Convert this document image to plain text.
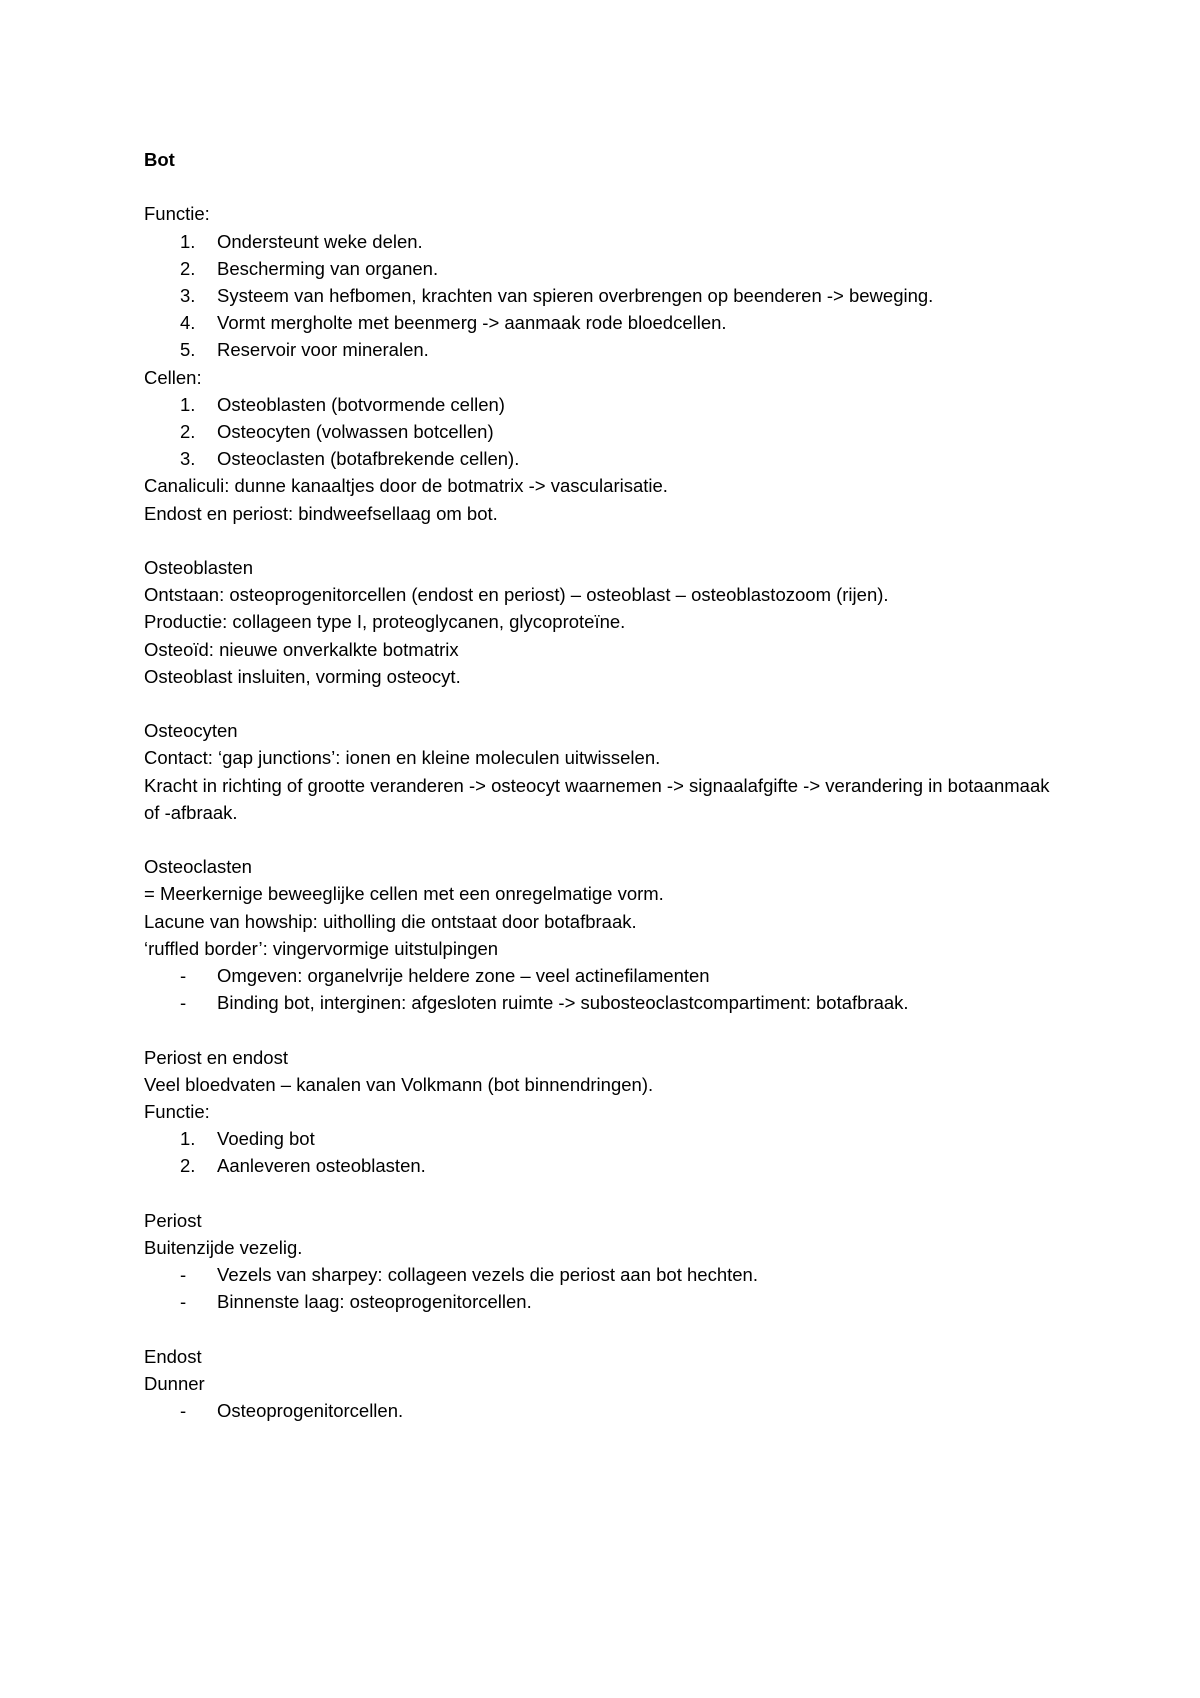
Bot
Functie:
1. Ondersteunt weke delen.
2. Bescherming van organen.
3. Systeem van hefbomen, krachten van spieren overbrengen op beenderen -> beweging.
4. Vormt mergholte met beenmerg -> aanmaak rode bloedcellen.
5. Reservoir voor mineralen.
Cellen:
1. Osteoblasten (botvormende cellen)
2. Osteocyten (volwassen botcellen)
3. Osteoclasten (botafbrekende cellen).
Canaliculi: dunne kanaaltjes door de botmatrix -> vascularisatie.
Endost en periost: bindweefsellaag om bot.
Osteoblasten
Ontstaan: osteoprogenitorcellen (endost en periost) – osteoblast – osteoblastozoom (rijen).
Productie: collageen type I, proteoglycanen, glycoproteïne.
Osteoïd: nieuwe onverkalkte botmatrix
Osteoblast insluiten, vorming osteocyt.
Osteocyten
Contact: ‘gap junctions’: ionen en kleine moleculen uitwisselen.
Kracht in richting of grootte veranderen -> osteocyt waarnemen -> signaalafgifte -> verandering in botaanmaak of -afbraak.
Osteoclasten
= Meerkernige beweeglijke cellen met een onregelmatige vorm.
Lacune van howship: uitholling die ontstaat door botafbraak.
‘ruffled border’: vingervormige uitstulpingen
- Omgeven: organelvrije heldere zone – veel actinefilamenten
- Binding bot, interginen: afgesloten ruimte -> subosteoclastcompartiment: botafbraak.
Periost en endost
Veel bloedvaten – kanalen van Volkmann (bot binnendringen).
Functie:
1. Voeding bot
2. Aanleveren osteoblasten.
Periost
Buitenzijde vezelig.
- Vezels van sharpey: collageen vezels die periost aan bot hechten.
- Binnenste laag: osteoprogenitorcellen.
Endost
Dunner
- Osteoprogenitorcellen.
